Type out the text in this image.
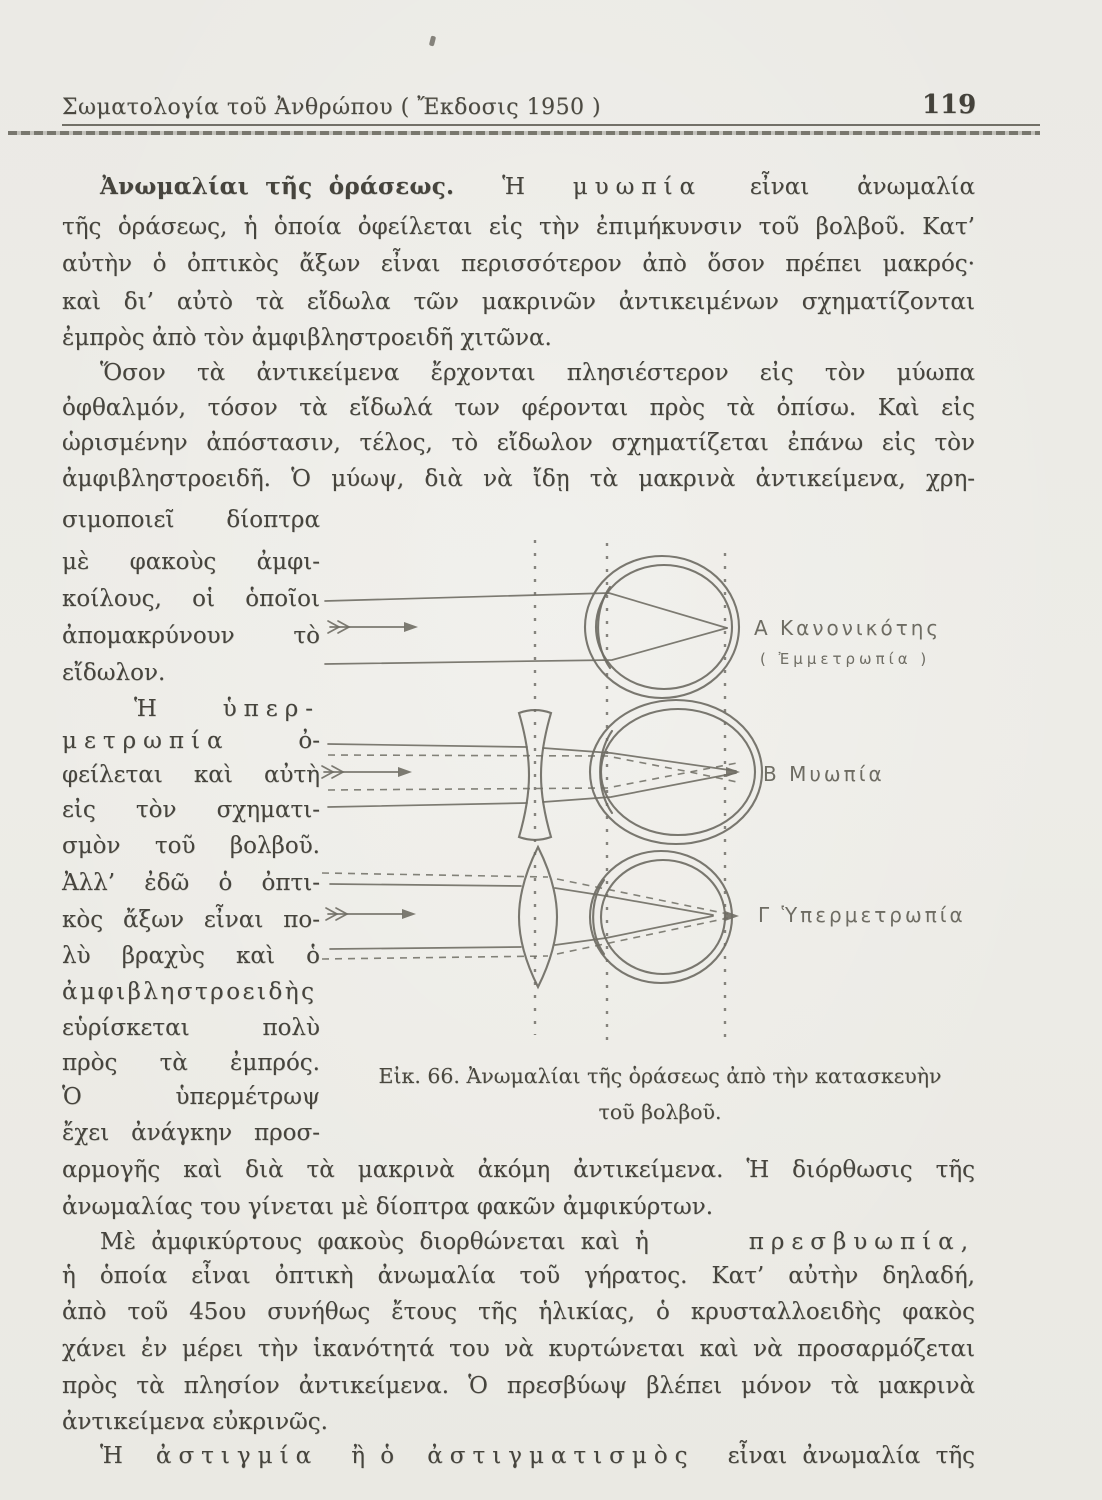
Σωματολογία τοῦ Ἀνθρώπου ( Ἔκδοσις 1950 )	119
Ἀνωμαλίαι τῆς ὁράσεως. Ἡ μυωπία εἶναι ἀνωμαλία
τῆς ὁράσεως, ἡ ὁποία ὀφείλεται εἰς τὴν ἐπιμήκυνσιν τοῦ βολβοῦ. Κατ’
αὐτὴν ὁ ὀπτικὸς ἄξων εἶναι περισσότερον ἀπὸ ὅσον πρέπει μακρός·
καὶ δι’ αὐτὸ τὰ εἴδωλα τῶν μακρινῶν ἀντικειμένων σχηματίζονται
ἐμπρὸς ἀπὸ τὸν ἀμφιβληστροειδῆ χιτῶνα.
Ὅσον τὰ ἀντικείμενα ἔρχονται πλησιέστερον εἰς τὸν μύωπα
ὀφθαλμόν, τόσον τὰ εἴδωλά των φέρονται πρὸς τὰ ὀπίσω. Καὶ εἰς
ὡρισμένην ἀπόστασιν, τέλος, τὸ εἴδωλον σχηματίζεται ἐπάνω εἰς τὸν
ἀμφιβληστροειδῆ. Ὁ μύωψ, διὰ νὰ ἴδῃ τὰ μακρινὰ ἀντικείμενα, χρη-
σιμοποιεῖ δίοπτρα
μὲ φακοὺς ἀμφι-
κοίλους, οἱ ὁποῖοι
ἀπομακρύνουν τὸ
εἴδωλον.
Ἡ	ὑπερ-
μετρωπία	ὀ-
φείλεται καὶ αὐτὴ
εἰς τὸν σχηματι-
σμὸν τοῦ βολβοῦ.
Ἀλλ’ ἐδῶ ὁ ὀπτι-
κὸς ἄξων εἶναι πο-
λὺ βραχὺς καὶ ὁ
ἀμφιβληστροειδὴς
εὑρίσκεται πολὺ
πρὸς τὰ ἐμπρός.
Ὁ ὑπερμέτρωψ
ἔχει ἀνάγκην προσ-
Α Κανονικότης
( Ἐμμετρωπία )
Β Μυωπία
Γ Ὑπερμετρωπία
Εἰκ. 66. Ἀνωμαλίαι τῆς ὁράσεως ἀπὸ τὴν κατασκευὴν
τοῦ βολβοῦ.
αρμογῆς καὶ διὰ τὰ μακρινὰ ἀκόμη ἀντικείμενα. Ἡ διόρθωσις τῆς
ἀνωμαλίας του γίνεται μὲ δίοπτρα φακῶν ἀμφικύρτων.
Μὲ ἀμφικύρτους φακοὺς διορθώνεται καὶ ἡ	πρεσβυωπία,
ἡ ὁποία εἶναι ὀπτικὴ ἀνωμαλία τοῦ γήρατος. Κατ’ αὐτὴν δηλαδή,
ἀπὸ τοῦ 45ου συνήθως ἔτους τῆς ἡλικίας, ὁ κρυσταλλοειδὴς φακὸς
χάνει ἐν μέρει τὴν ἱκανότητά του νὰ κυρτώνεται καὶ νὰ προσαρμόζεται
πρὸς τὰ πλησίον ἀντικείμενα. Ὁ πρεσβύωψ βλέπει μόνον τὰ μακρινὰ
ἀντικείμενα εὐκρινῶς.
Ἡ ἀστιγμία ἢ ὁ ἀστιγματισμὸς εἶναι ἀνωμαλία τῆς
